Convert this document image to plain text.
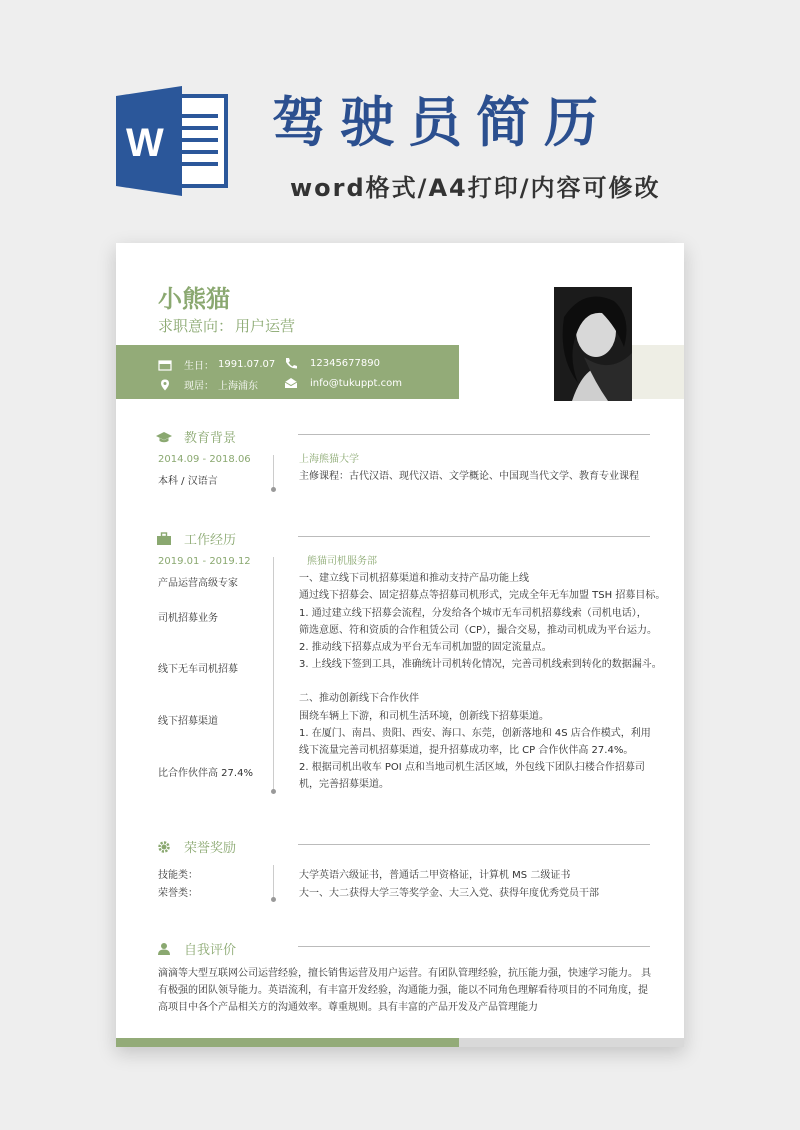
W 驾驶员简历
word格式/A4打印/内容可修改
小熊猫
求职意向： 用户运营
生日： 1991.07.07	12345677890
现居： 上海浦东	info@tukuppt.com
教育背景
2014.09 - 2018.06
本科 / 汉语言
上海熊猫大学
主修课程：古代汉语、现代汉语、文学概论、中国现当代文学、教育专业课程
工作经历
2019.01 - 2019.12
产品运营高级专家
司机招募业务
线下无车司机招募
线下招募渠道
比合作伙伴高 27.4%
熊猫司机服务部
一、建立线下司机招募渠道和推动支持产品功能上线
通过线下招募会、固定招募点等招募司机形式，完成全年无车加盟 TSH 招募目标。
1. 通过建立线下招募会流程，分发给各个城市无车司机招募线索（司机电话），
筛选意愿、符和资质的合作租赁公司（CP），撮合交易，推动司机成为平台运力。
2. 推动线下招募点成为平台无车司机加盟的固定流量点。
3. 上线线下签到工具，准确统计司机转化情况，完善司机线索到转化的数据漏斗。
二、推动创新线下合作伙伴
围绕车辆上下游，和司机生活环境，创新线下招募渠道。
1. 在厦门、南昌、贵阳、西安、海口、东莞，创新落地和 4S 店合作模式，利用
线下流量完善司机招募渠道，提升招募成功率，比 CP 合作伙伴高 27.4%。
2. 根据司机出收车 POI 点和当地司机生活区域，外包线下团队扫楼合作招募司
机，完善招募渠道。
荣誉奖励
技能类：	大学英语六级证书，普通话二甲资格证，计算机 MS 二级证书
荣誉类：	大一、大二获得大学三等奖学金、大三入党、获得年度优秀党员干部
自我评价
滴滴等大型互联网公司运营经验，擅长销售运营及用户运营。有团队管理经验，抗压能力强，快速学习能力。 具
有极强的团队领导能力。英语流利，有丰富开发经验，沟通能力强，能以不同角色理解看待项目的不同角度，提
高项目中各个产品相关方的沟通效率。尊重规则。具有丰富的产品开发及产品管理能力
